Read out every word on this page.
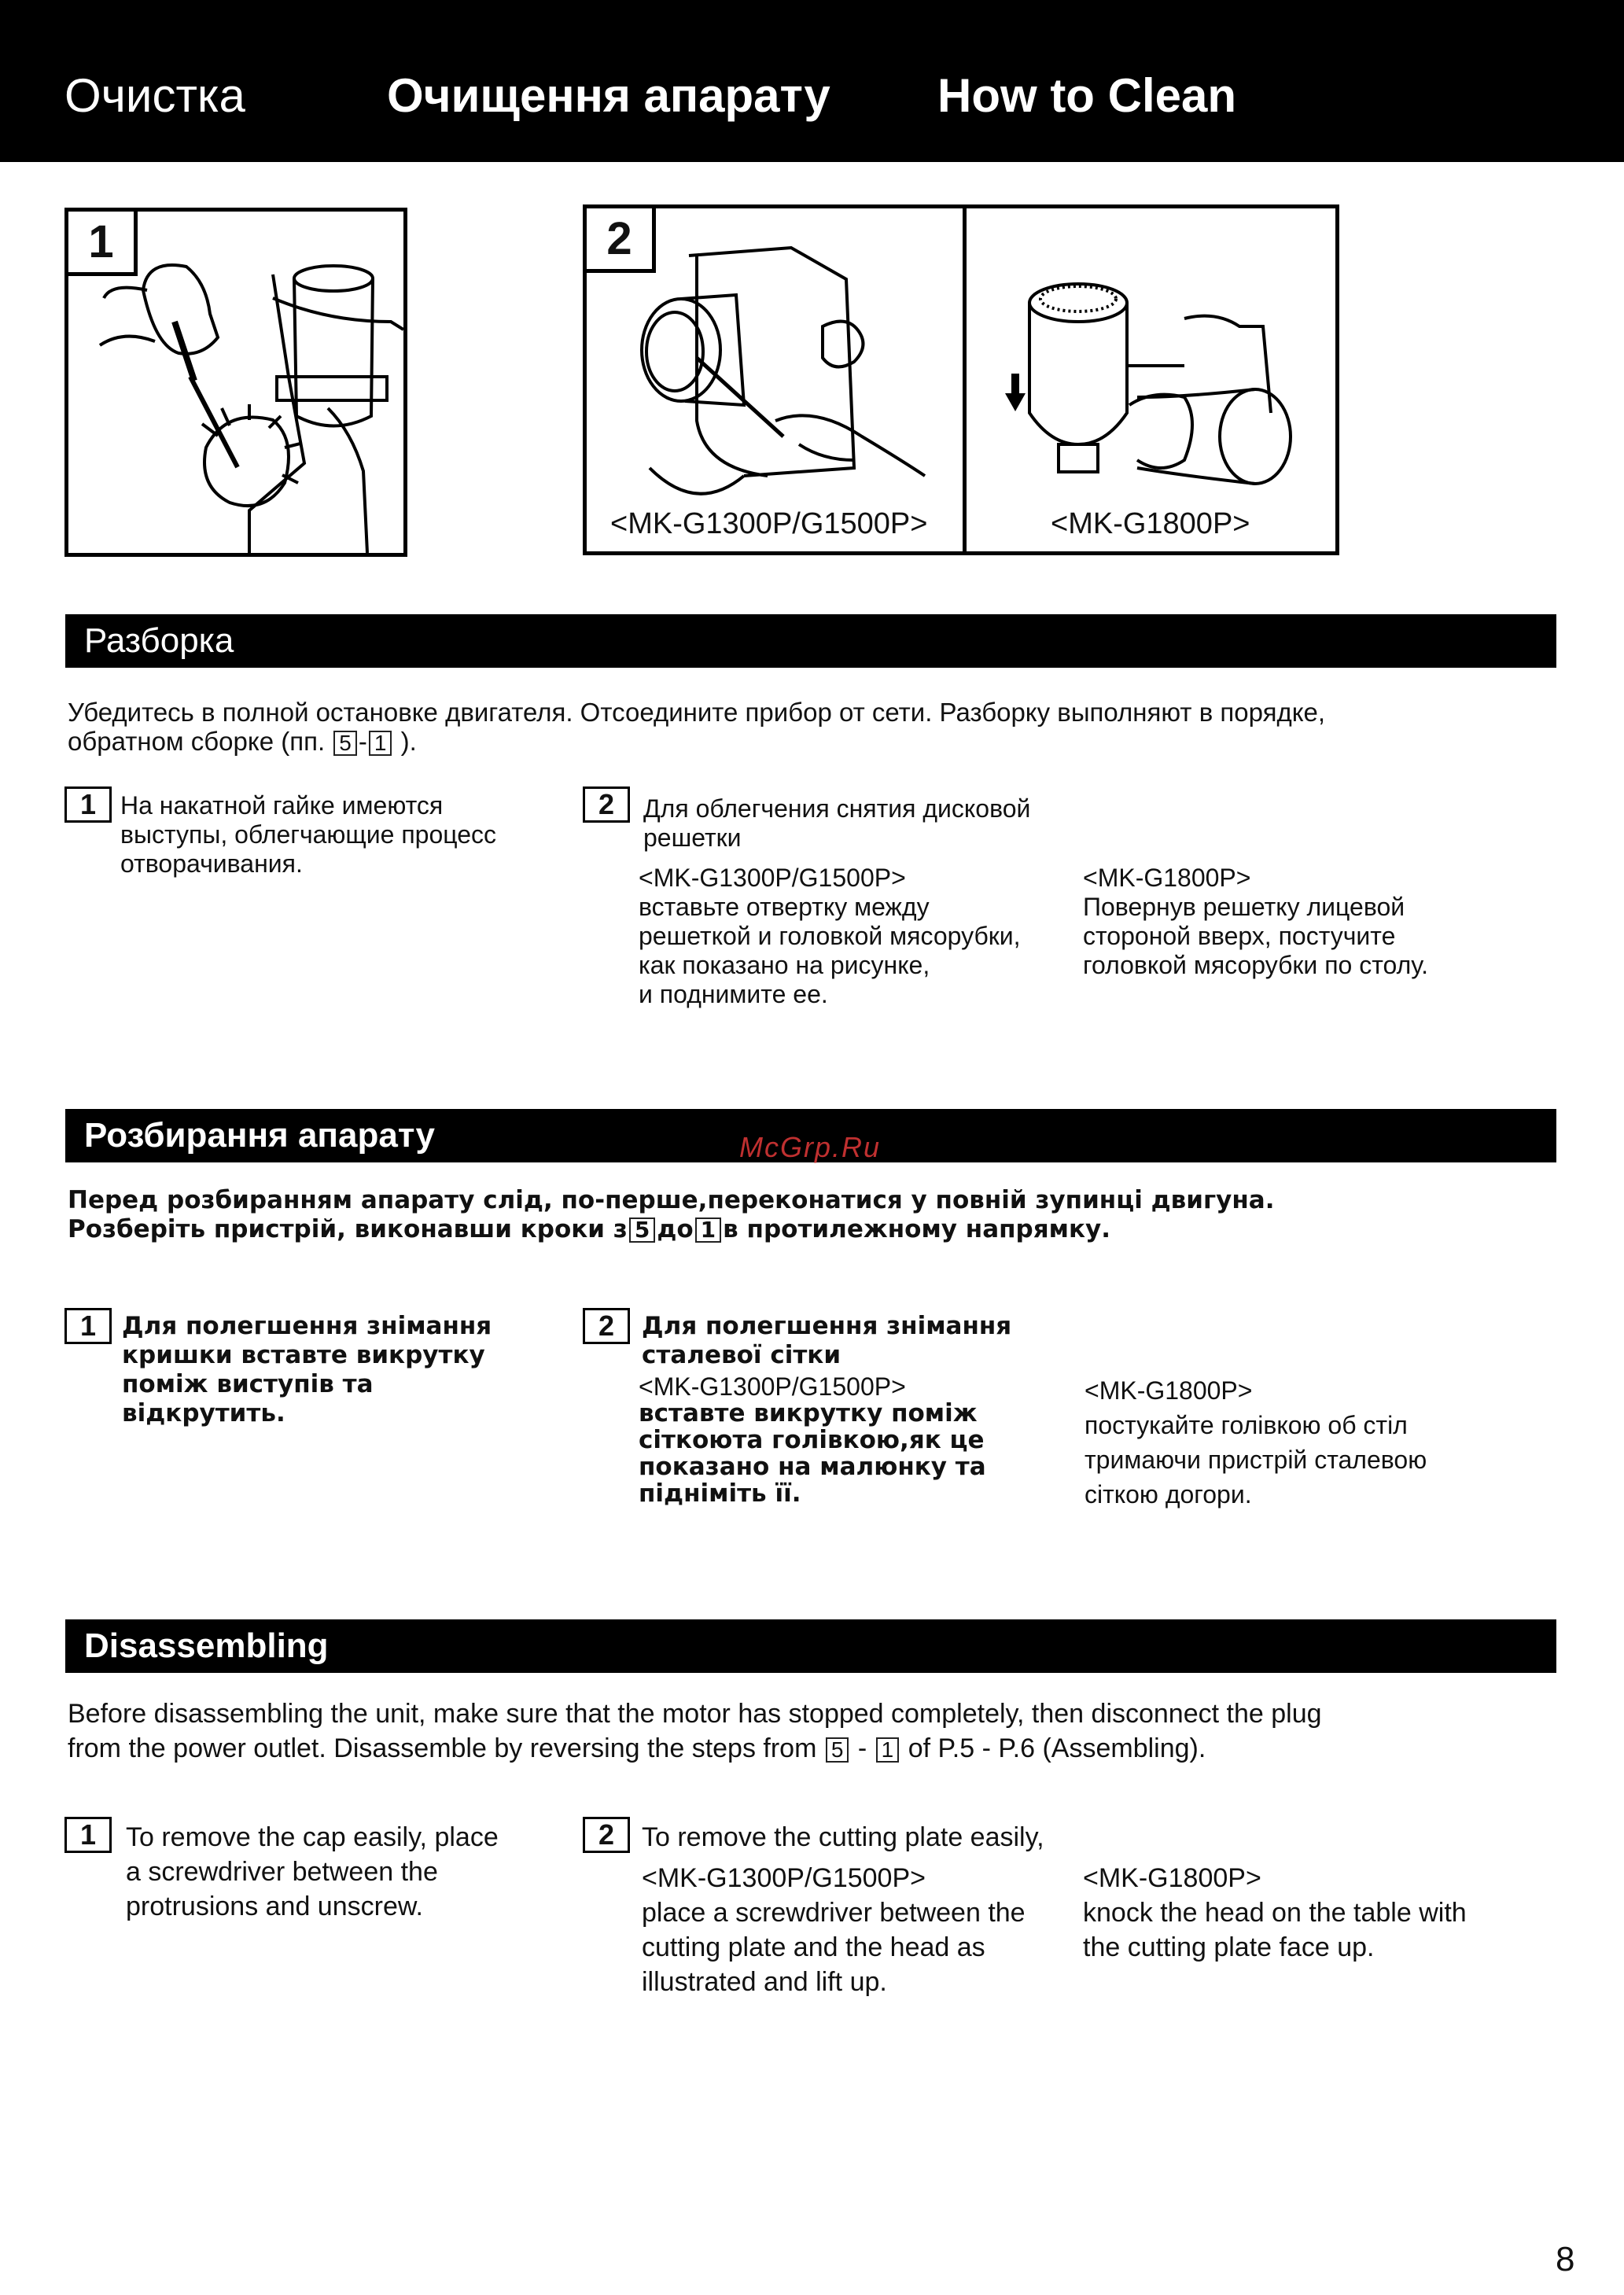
Очистка	Очищення апарату How to Clean
1	2
<MK-G1300P/G1500P>	<MK-G1800P>
Разборка
Убедитесь в полной остановке двигателя. Отсоедините прибор от сети. Разборку выполняют в порядке,
обратном сборке (пп. 5 - 1 ).
1 На накатной гайке имеются
выступы, облегчающие процесс
отворачивания.
2	Для облегчения снятия дисковой
решетки
<MK-G1300P/G1500P>
вставьте отвертку между
решеткой и головкой мясорубки,
как показано на рисунке,
и поднимите ее.
<MK-G1800P>
Повернув решетку лицевой
стороной вверх, постучите
головкой мясорубки по столу.
Розбирання апарату	McGrp.Ru
Перед розбиранням апарату слід, по-перше,переконатися у повній зупинці двигуна.
Розберіть пристрій, виконавши кроки з 5 до 1 в протилежному напрямку.
1	Для полегшення знімання
кришки вставте викрутку
поміж виступів та
відкрутить.
2	Для полегшення знімання
сталевої сітки
<MK-G1300P/G1500P>
вставте викрутку поміж
сіткоюта голівкою,як це
показано на малюнку та
підніміть її.
<MK-G1800P>
постукайте голівкою об стіл
тримаючи пристрій сталевою
сіткою догори.
Disassembling
Before disassembling the unit, make sure that the motor has stopped completely, then disconnect the plug
from the power outlet. Disassemble by reversing the steps from 5 - 1 of P.5 - P.6 (Assembling).
1	To remove the cap easily, place
a screwdriver between the
protrusions and unscrew.
2	To remove the cutting plate easily,
<MK-G1300P/G1500P>
place a screwdriver between the
cutting plate and the head as
illustrated and lift up.
<MK-G1800P>
knock the head on the table with
the cutting plate face up.
8
